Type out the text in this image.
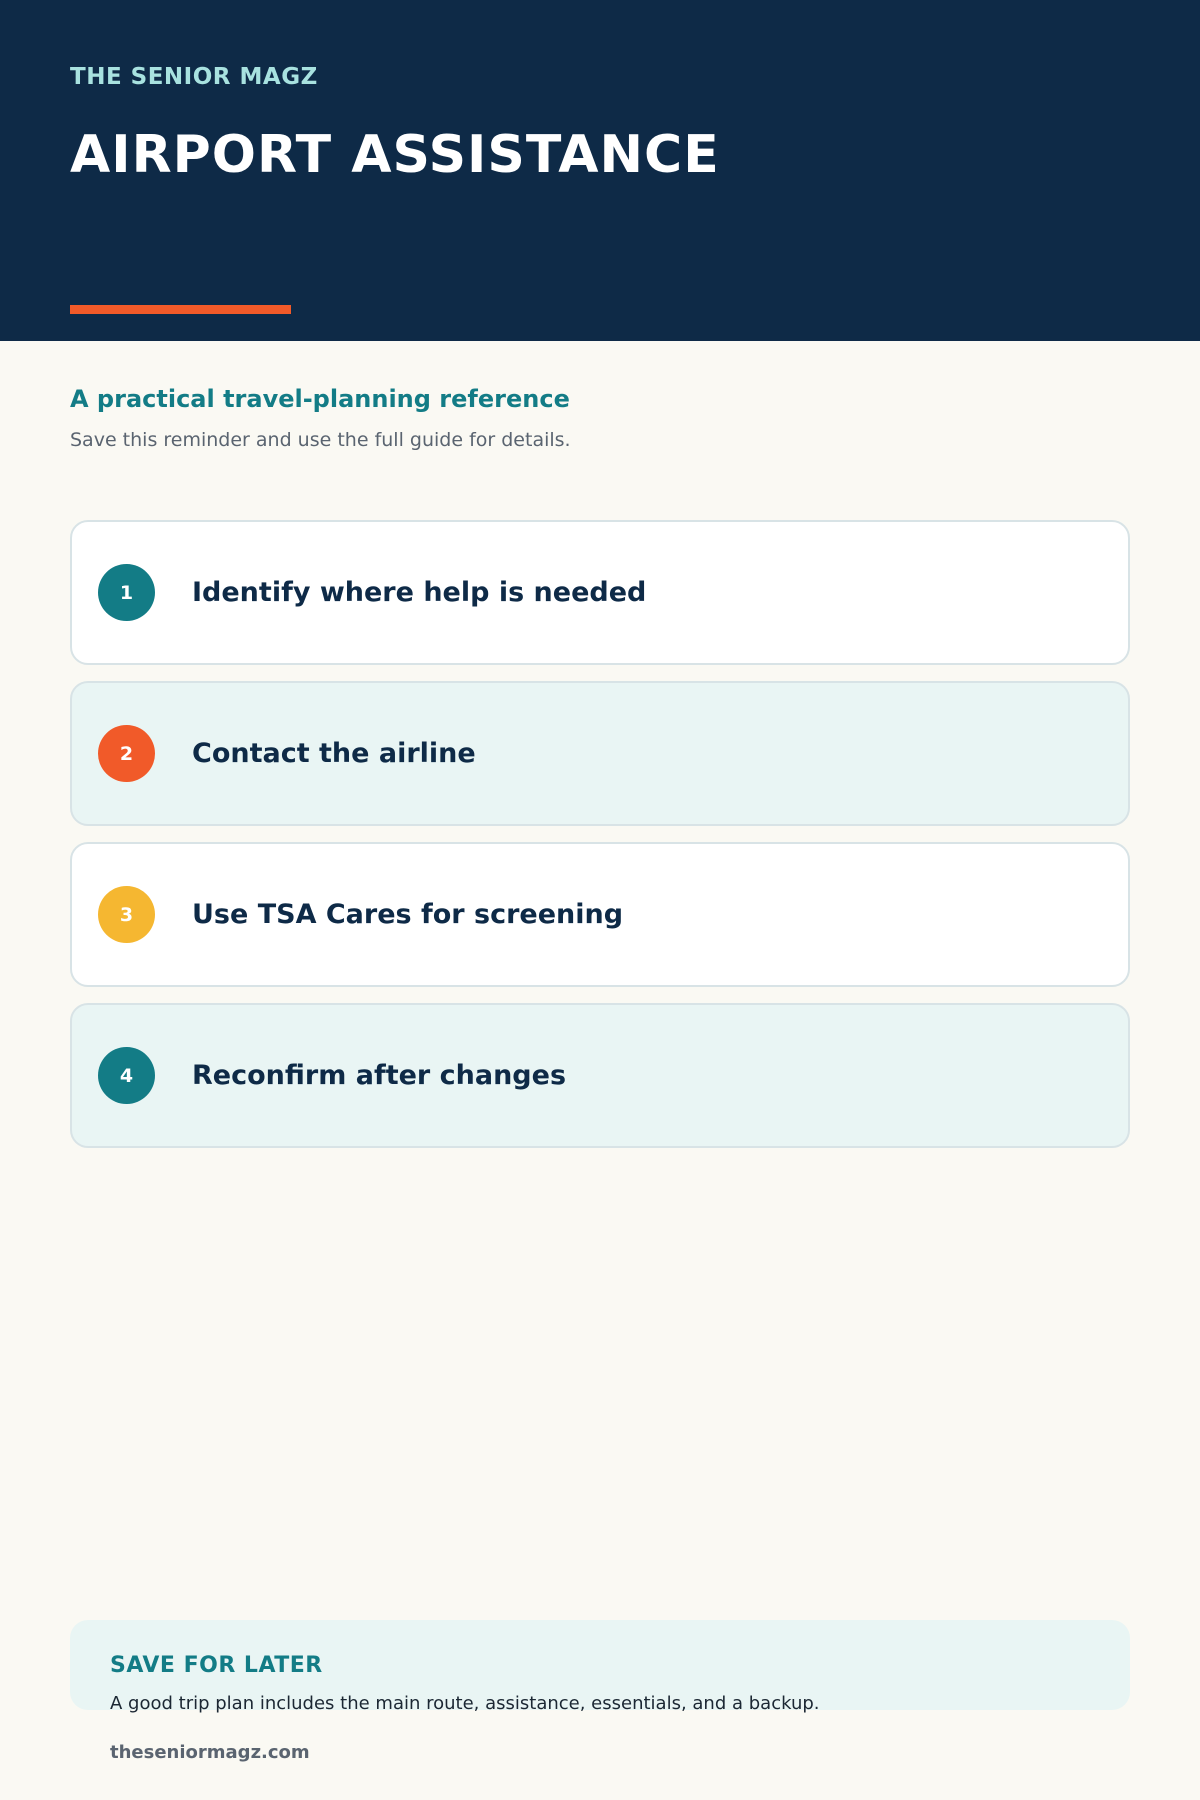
THE SENIOR MAGZ
AIRPORT ASSISTANCE
A practical travel-planning reference
Save this reminder and use the full guide for details.
1	Identify where help is needed
2	Contact the airline
3	Use TSA Cares for screening
4	Reconfirm after changes
SAVE FOR LATER
A good trip plan includes the main route, assistance, essentials, and a backup.
theseniormagz.com
